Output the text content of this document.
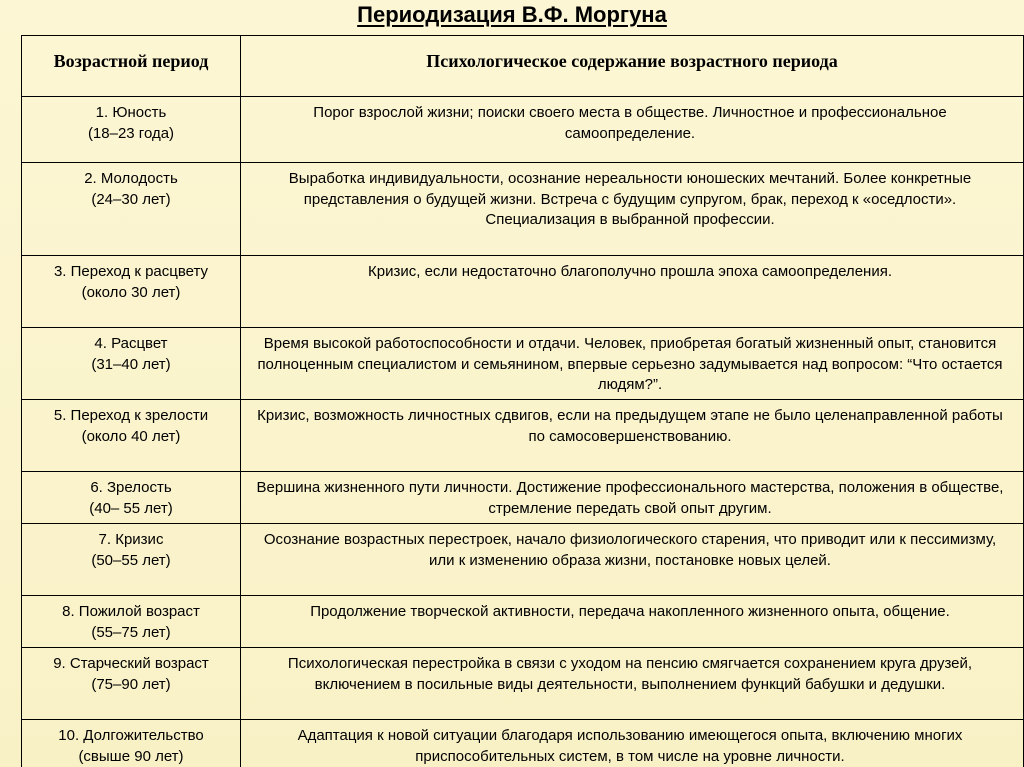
Периодизация В.Ф. Моргуна
Возрастной период	Психологическое содержание возрастного периода

1. Юность
(18–23 года)	Порог взрослой жизни; поиски своего места в обществе. Личностное и профессиональное самоопределение.

2. Молодость
(24–30 лет)	Выработка индивидуальности, осознание нереальности юношеских мечтаний. Более конкретные представления о будущей жизни. Встреча с будущим супругом, брак, переход к «оседлости». Специализация в выбранной профессии.

3. Переход к расцвету
(около 30 лет)	Кризис, если недостаточно благополучно прошла эпоха самоопределения.

4. Расцвет
(31–40 лет)	Время высокой работоспособности и отдачи. Человек, приобретая богатый жизненный опыт, становится полноценным специалистом и семьянином, впервые серьезно задумывается над вопросом: “Что остается людям?”.

5. Переход к зрелости
(около 40 лет)	Кризис, возможность личностных сдвигов, если на предыдущем этапе не было целенаправленной работы по самосовершенствованию.

6. Зрелость
(40– 55 лет)	Вершина жизненного пути личности. Достижение профессионального мастерства, положения в обществе, стремление передать свой опыт другим.

7. Кризис
(50–55 лет)	Осознание возрастных перестроек, начало физиологического старения, что приводит или к пессимизму, или к изменению образа жизни, постановке новых целей.

8. Пожилой возраст
(55–75 лет)	Продолжение творческой активности, передача накопленного жизненного опыта, общение.

9. Старческий возраст
(75–90 лет)	Психологическая перестройка в связи с уходом на пенсию смягчается сохранением круга друзей, включением в посильные виды деятельности, выполнением функций бабушки и дедушки.

10. Долгожительство
(свыше 90 лет)	Адаптация к новой ситуации благодаря использованию имеющегося опыта, включению многих приспособительных систем, в том числе на уровне личности.
